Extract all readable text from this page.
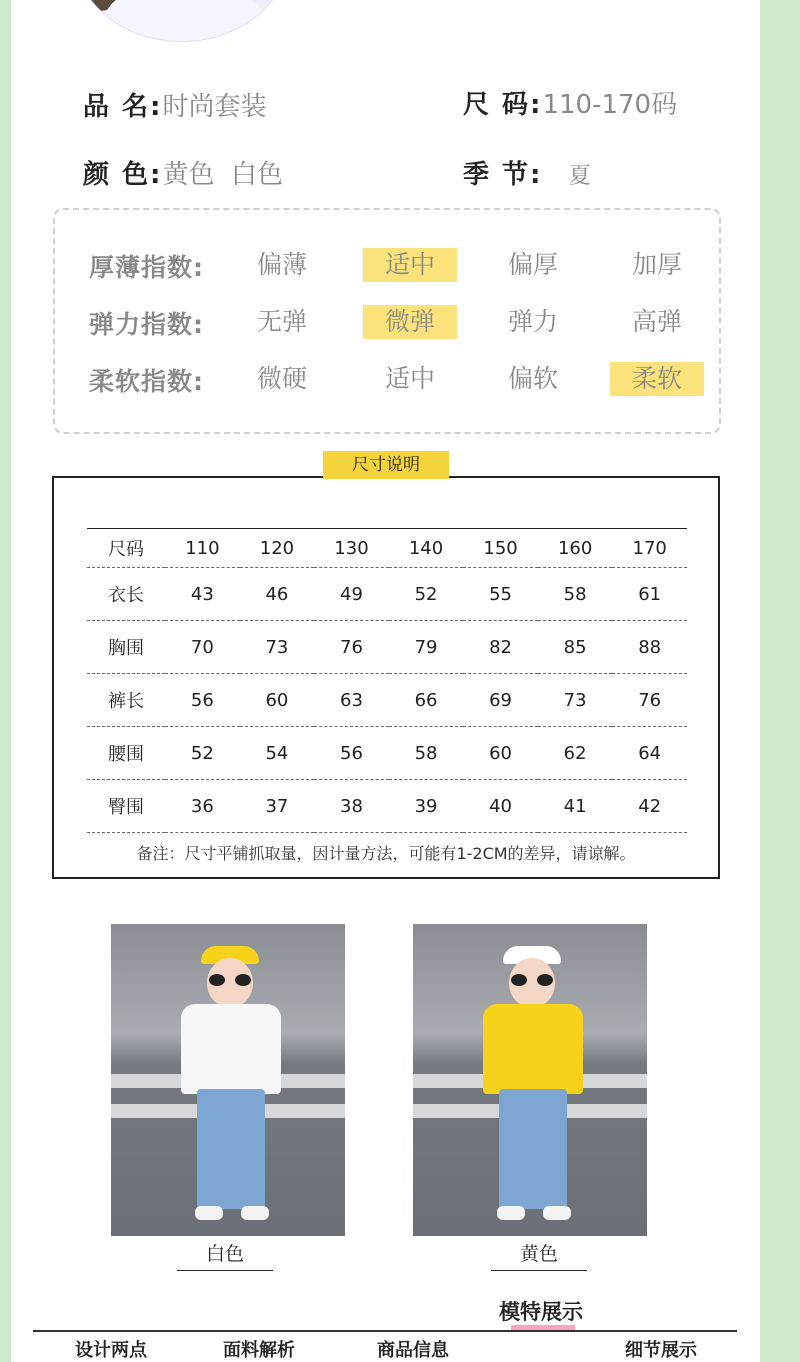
品 名:时尚套装	尺 码:110-170码
颜 色:黄色  白色	季 节: 夏
厚薄指数:	偏薄	适中	偏厚	加厚
弹力指数:	无弹	微弹	弹力	高弹
柔软指数:	微硬	适中	偏软	柔软
尺码	110	120	130	140	150	160	170
衣长	43	46	49	52	55	58	61
胸围	70	73	76	79	82	85	88
裤长	56	60	63	66	69	73	76
腰围	52	54	56	58	60	62	64
臀围	36	37	38	39	40	41	42
备注：尺寸平铺抓取量，因计量方法，可能有1-2CM的差异，请谅解。
尺寸说明
白色	黄色
模特展示
设计两点	面料解析	商品信息	细节展示
